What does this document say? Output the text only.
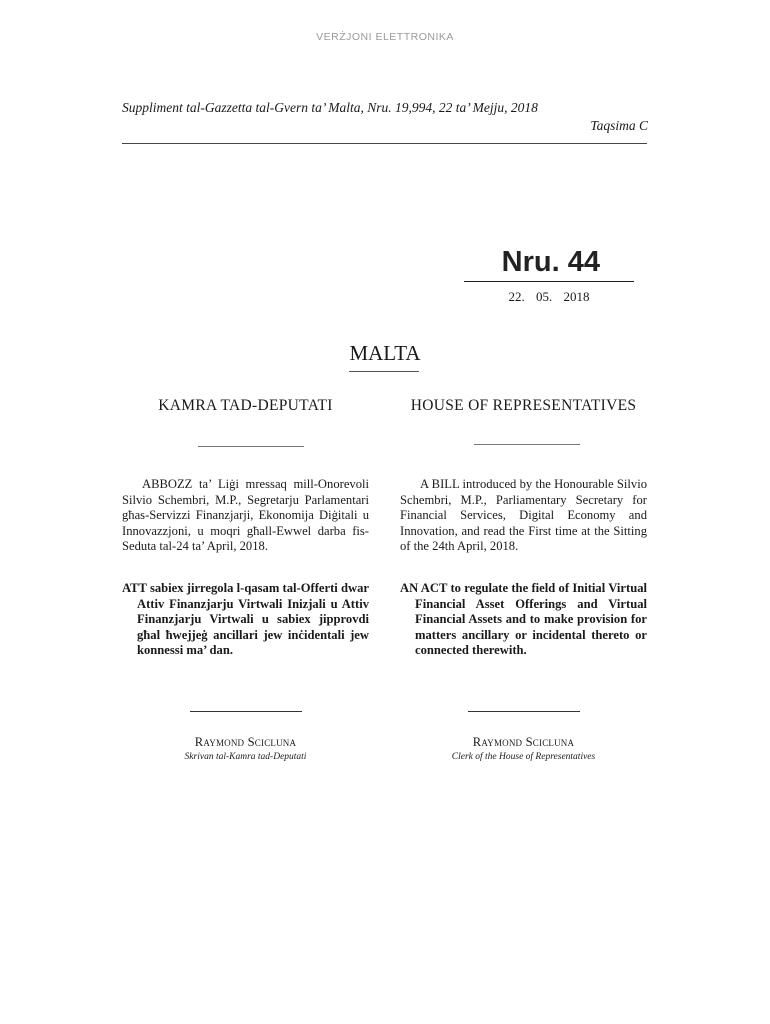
VERŻJONI ELETTRONIKA
Suppliment tal-Gazzetta tal-Gvern ta’ Malta, Nru. 19,994, 22 ta’ Mejju, 2018
Taqsima C
Nru. 44
22. 05. 2018
MALTA
KAMRA TAD-DEPUTATI
ABBOZZ ta’ Liġi mressaq mill-Onorevoli Silvio Schembri, M.P., Segretarju Parlamentari għas-Servizzi Finanzjarji, Ekonomija Diġitali u Innovazzjoni, u moqri għall-Ewwel darba fis-Seduta tal-24 ta’ April, 2018.
ATT sabiex jirregola l-qasam tal-Offerti dwar Attiv Finanzjarju Virtwali Inizjali u Attiv Finanzjarju Virtwali u sabiex jipprovdi għal ħwejjeġ ancillari jew inċidentali jew konnessi ma’ dan.
Raymond Scicluna
Skrivan tal-Kamra tad-Deputati
HOUSE OF REPRESENTATIVES
A BILL introduced by the Honourable Silvio Schembri, M.P., Parliamentary Secretary for Financial Services, Digital Economy and Innovation, and read the First time at the Sitting of the 24th April, 2018.
AN ACT to regulate the field of Initial Virtual Financial Asset Offerings and Virtual Financial Assets and to make provision for matters ancillary or incidental thereto or connected therewith.
Raymond Scicluna
Clerk of the House of Representatives
